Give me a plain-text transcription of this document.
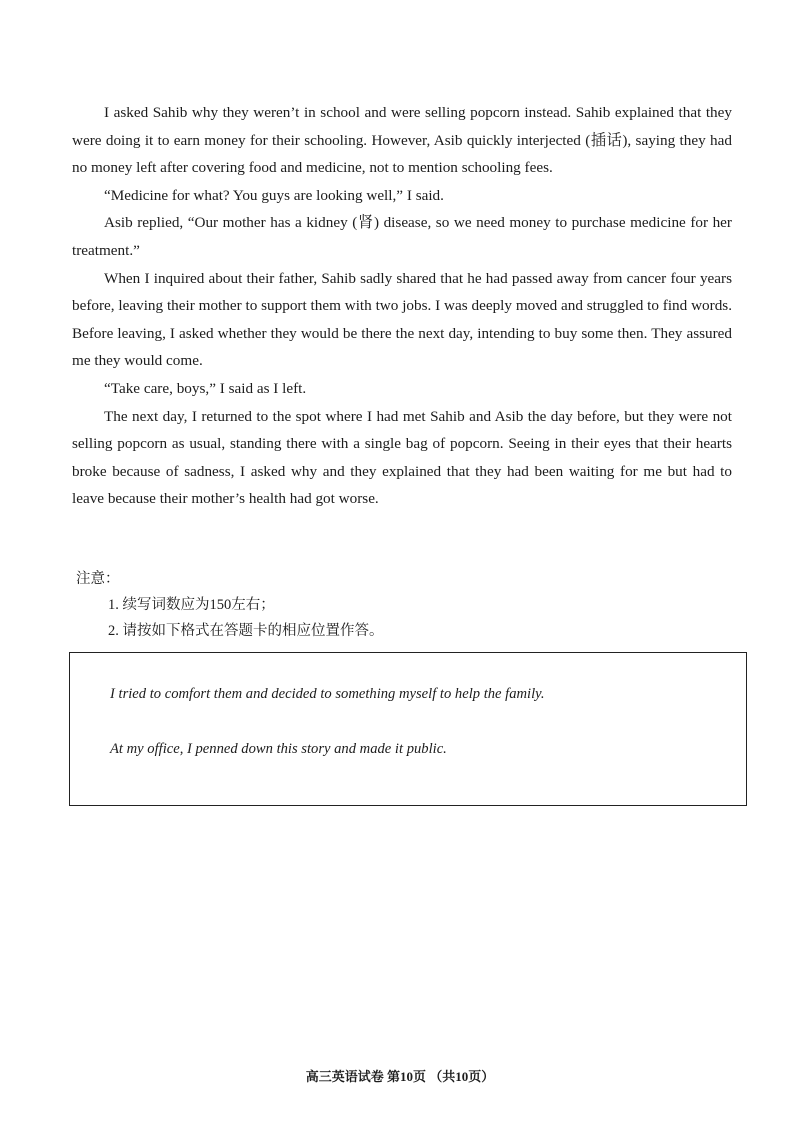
I asked Sahib why they weren’t in school and were selling popcorn instead. Sahib explained that they were doing it to earn money for their schooling. However, Asib quickly interjected (插话), saying they had no money left after covering food and medicine, not to mention schooling fees.

“Medicine for what? You guys are looking well,” I said.

Asib replied, “Our mother has a kidney (肾) disease, so we need money to purchase medicine for her treatment.”

When I inquired about their father, Sahib sadly shared that he had passed away from cancer four years before, leaving their mother to support them with two jobs. I was deeply moved and struggled to find words. Before leaving, I asked whether they would be there the next day, intending to buy some then. They assured me they would come.

“Take care, boys,” I said as I left.

The next day, I returned to the spot where I had met Sahib and Asib the day before, but they were not selling popcorn as usual, standing there with a single bag of popcorn. Seeing in their eyes that their hearts broke because of sadness, I asked why and they explained that they had been waiting for me but had to leave because their mother’s health had got worse.

注意：

1. 续写词数应为150左右；

2. 请按如下格式在答题卡的相应位置作答。

I tried to comfort them and decided to something myself to help the family.
At my office, I penned down this story and made it public.
高三英语试卷 第10页 （共10页）
